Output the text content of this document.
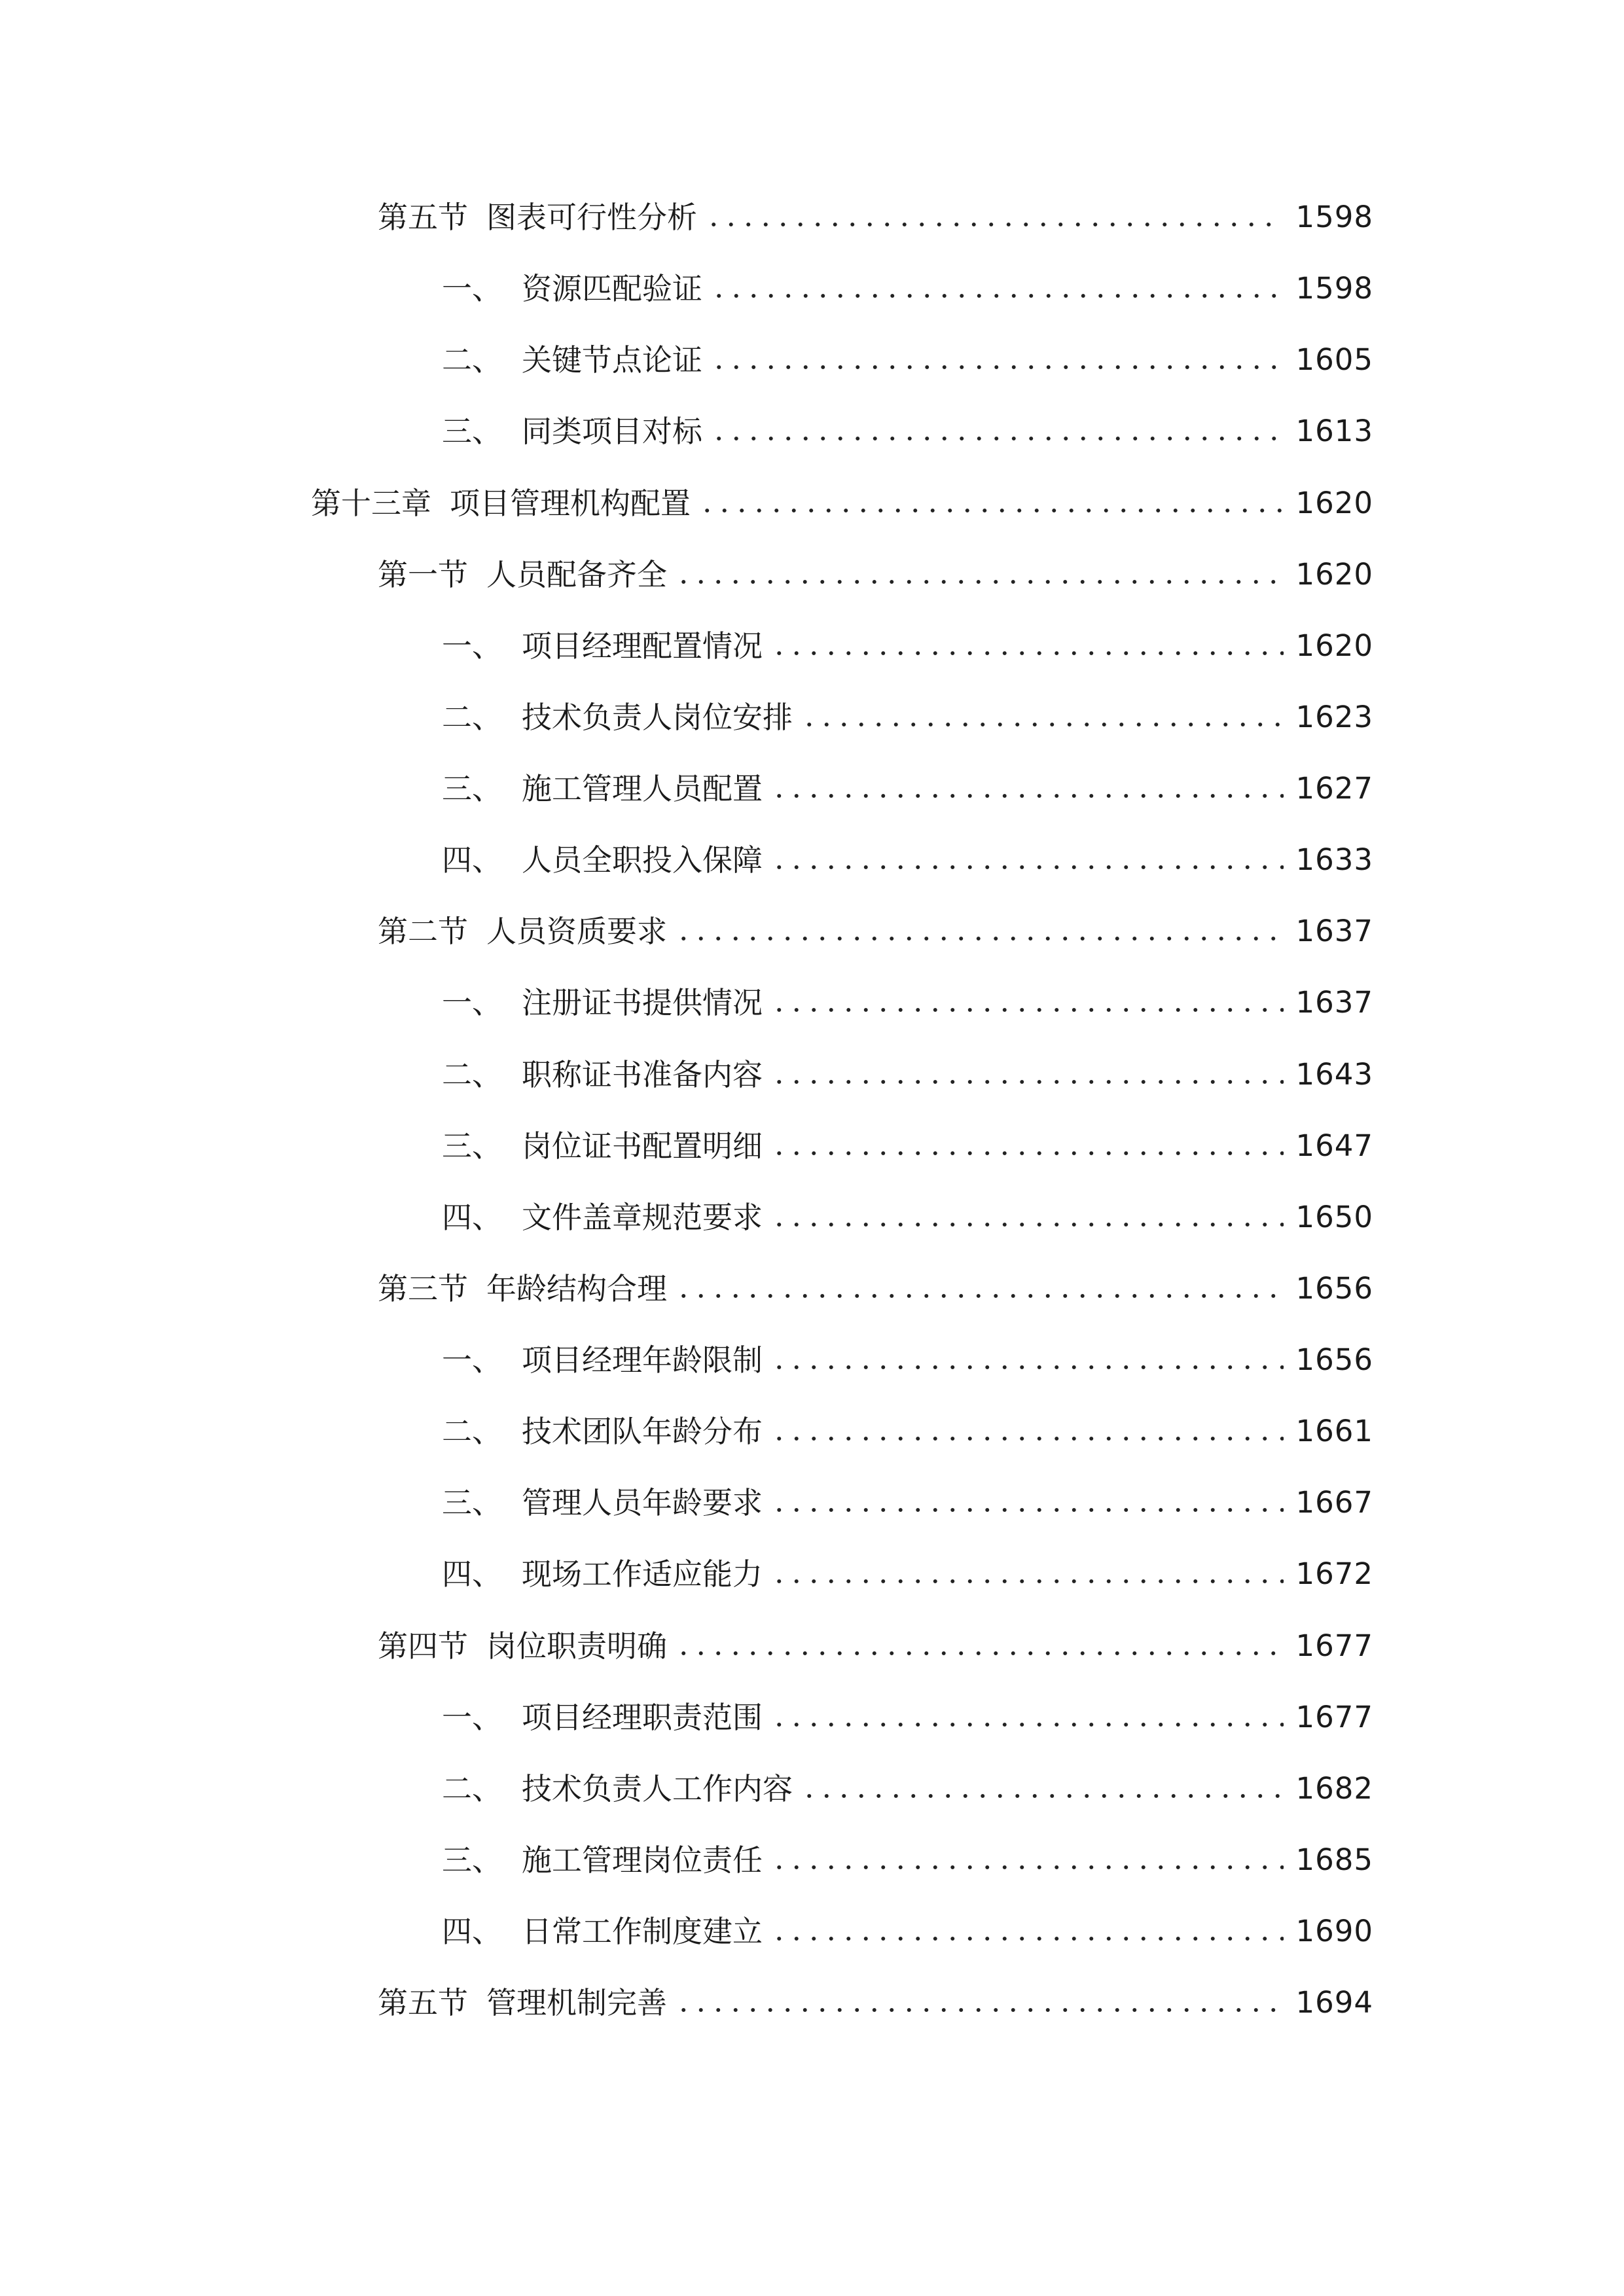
第五节 图表可行性分析	1598
一、 资源匹配验证	1598
二、 关键节点论证	1605
三、 同类项目对标	1613
第十三章 项目管理机构配置	1620
第一节 人员配备齐全	1620
一、 项目经理配置情况	1620
二、 技术负责人岗位安排	1623
三、 施工管理人员配置	1627
四、 人员全职投入保障	1633
第二节 人员资质要求	1637
一、 注册证书提供情况	1637
二、 职称证书准备内容	1643
三、 岗位证书配置明细	1647
四、 文件盖章规范要求	1650
第三节 年龄结构合理	1656
一、 项目经理年龄限制	1656
二、 技术团队年龄分布	1661
三、 管理人员年龄要求	1667
四、 现场工作适应能力	1672
第四节 岗位职责明确	1677
一、 项目经理职责范围	1677
二、 技术负责人工作内容	1682
三、 施工管理岗位责任	1685
四、 日常工作制度建立	1690
第五节 管理机制完善	1694
